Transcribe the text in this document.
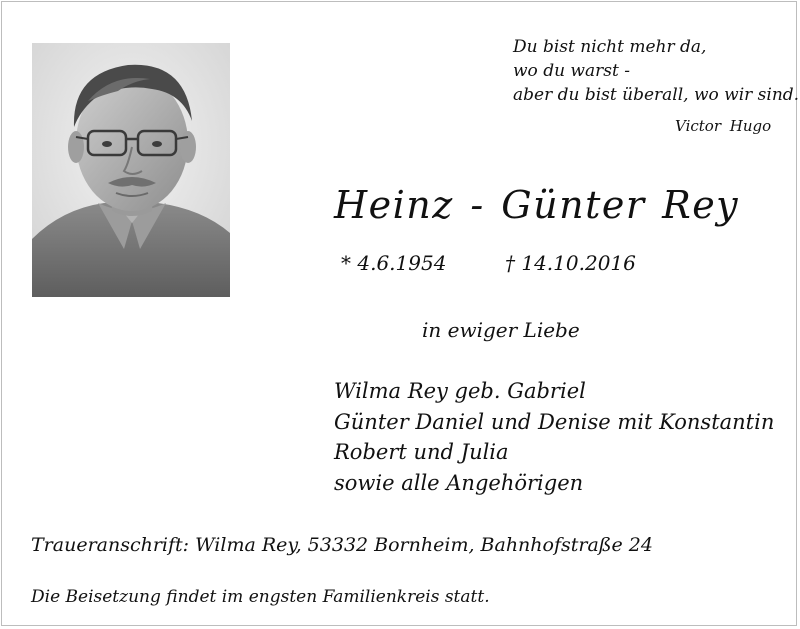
Du bist nicht mehr da,
wo du warst -
aber du bist überall, wo wir sind.
Victor Hugo
Heinz - Günter Rey
* 4.6.1954	† 14.10.2016
in ewiger Liebe
Wilma Rey geb. Gabriel
Günter Daniel und Denise mit Konstantin
Robert und Julia
sowie alle Angehörigen
Traueranschrift: Wilma Rey, 53332 Bornheim, Bahnhofstraße 24
Die Beisetzung findet im engsten Familienkreis statt.
